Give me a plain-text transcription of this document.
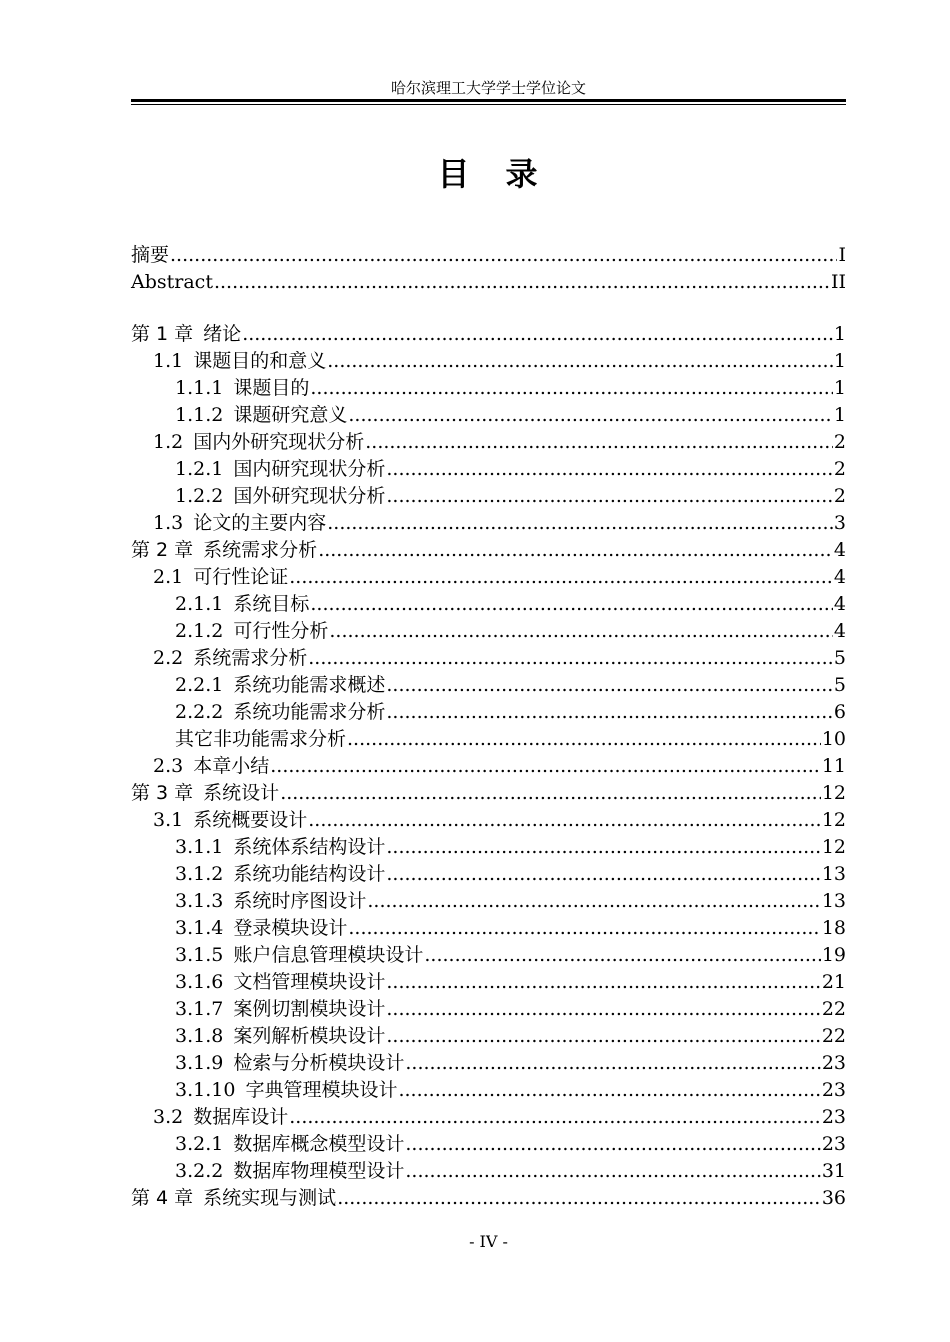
哈尔滨理工大学学士学位论文
目　录
摘要 .....	I
Abstract .....	II
第 1 章 绪论 .....	1
1.1 课题目的和意义 .....	1
1.1.1 课题目的 .....	1
1.1.2 课题研究意义 .....	1
1.2 国内外研究现状分析 .....	2
1.2.1 国内研究现状分析 .....	2
1.2.2 国外研究现状分析 .....	2
1.3 论文的主要内容 .....	3
第 2 章 系统需求分析 .....	4
2.1 可行性论证 .....	4
2.1.1 系统目标 .....	4
2.1.2 可行性分析 .....	4
2.2 系统需求分析 .....	5
2.2.1 系统功能需求概述 .....	5
2.2.2 系统功能需求分析 .....	6
其它非功能需求分析 .....	10
2.3 本章小结 .....	11
第 3 章 系统设计 .....	12
3.1 系统概要设计 .....	12
3.1.1 系统体系结构设计 .....	12
3.1.2 系统功能结构设计 .....	13
3.1.3 系统时序图设计 .....	13
3.1.4 登录模块设计 .....	18
3.1.5 账户信息管理模块设计 .....	19
3.1.6 文档管理模块设计 .....	21
3.1.7 案例切割模块设计 .....	22
3.1.8 案列解析模块设计 .....	22
3.1.9 检索与分析模块设计 .....	23
3.1.10 字典管理模块设计 .....	23
3.2 数据库设计 .....	23
3.2.1 数据库概念模型设计 .....	23
3.2.2 数据库物理模型设计 .....	31
第 4 章 系统实现与测试 .....	36
- IV -
